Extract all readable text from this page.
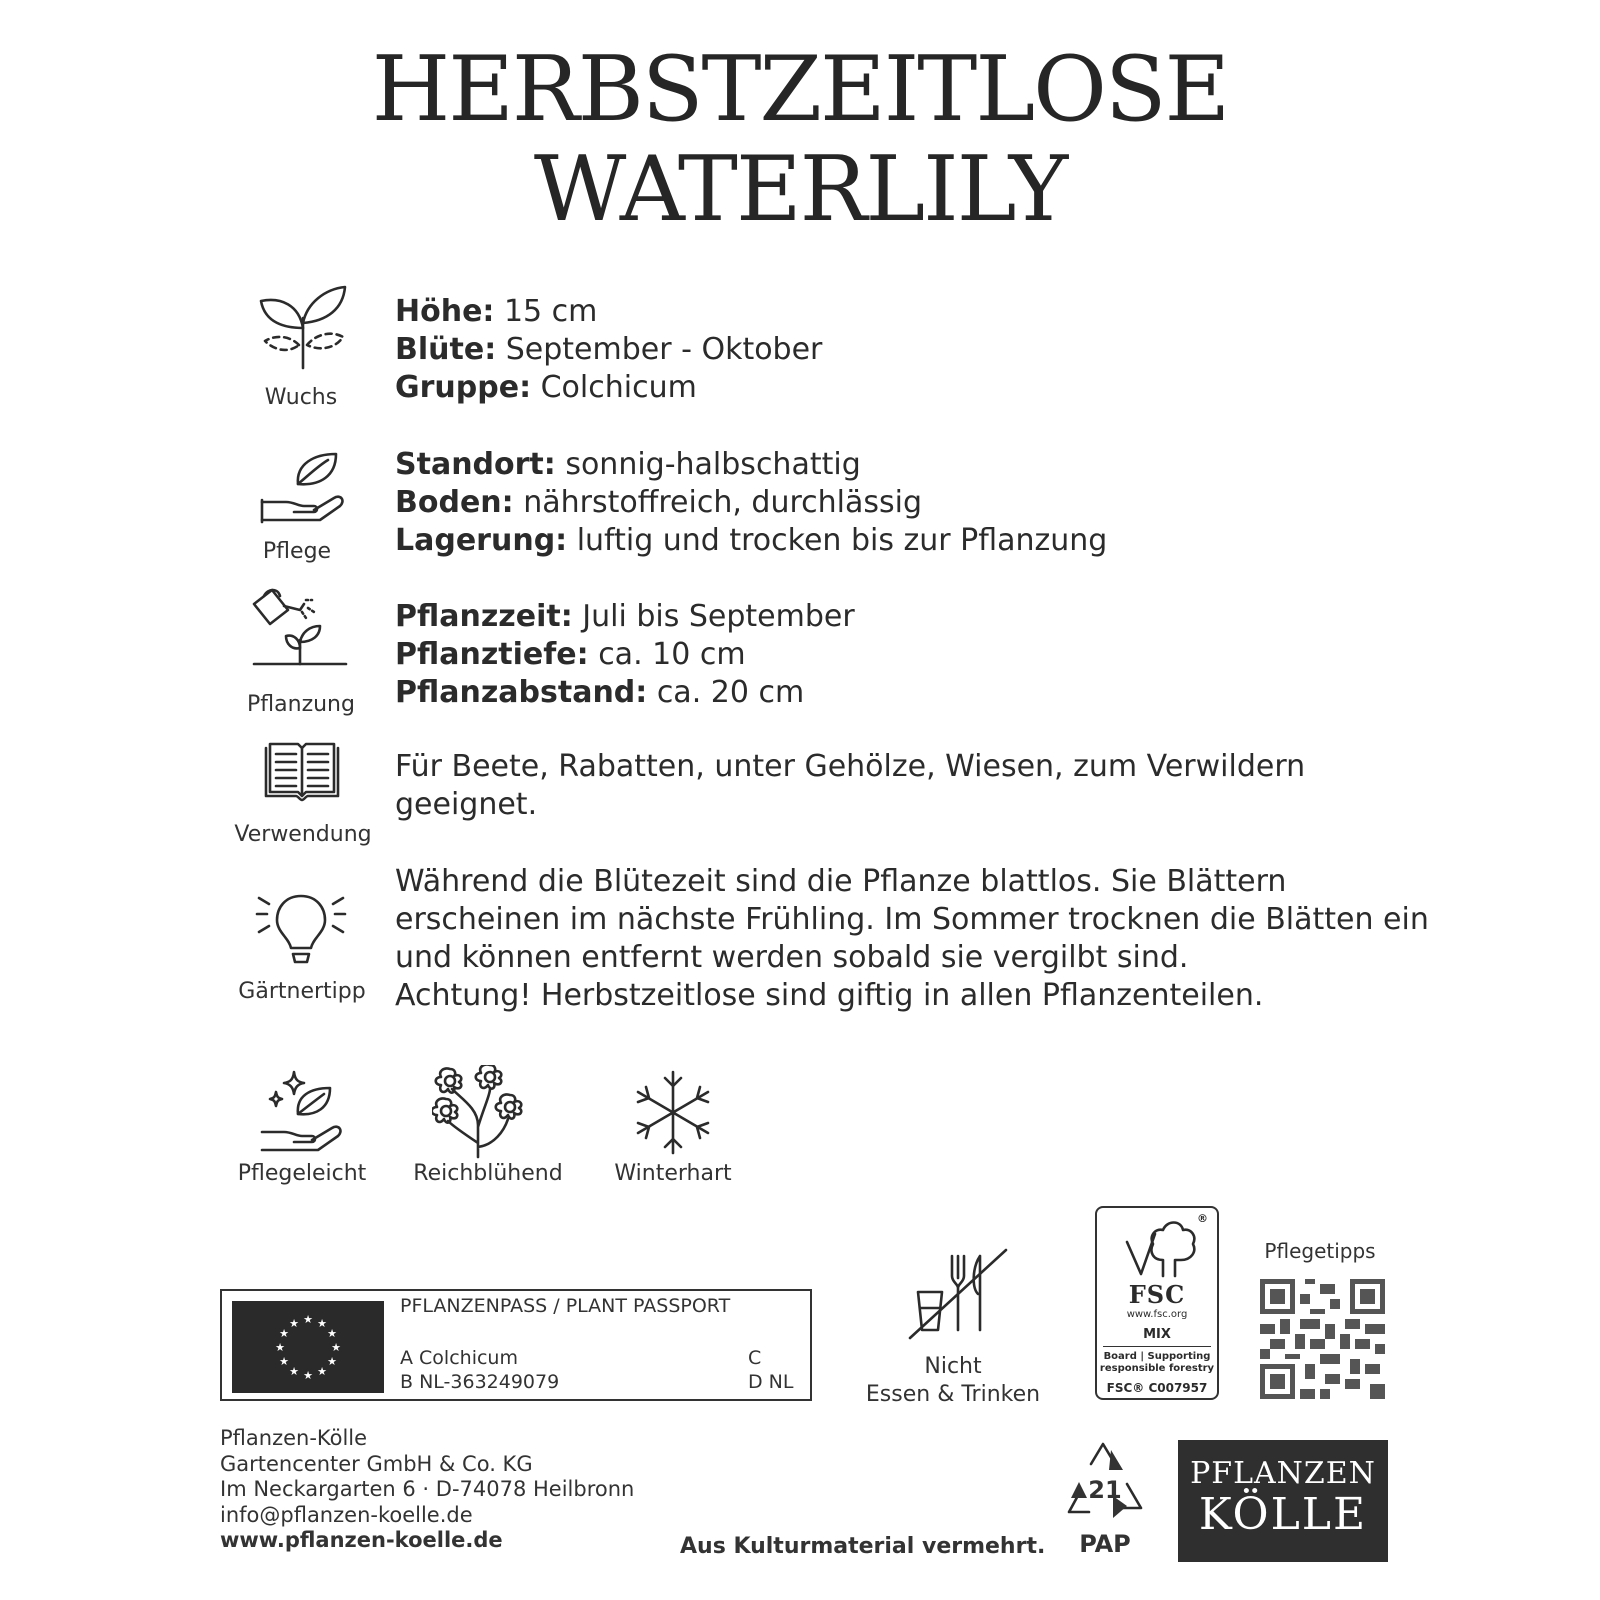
HERBSTZEITLOSE
WATERLILY
Wuchs
Höhe: 15 cm
Blüte: September - Oktober
Gruppe: Colchicum
Pflege
Standort: sonnig-halbschattig
Boden: nährstoffreich, durchlässig
Lagerung: luftig und trocken bis zur Pflanzung
Pflanzung
Pflanzzeit: Juli bis September
Pflanztiefe: ca. 10 cm
Pflanzabstand: ca. 20 cm
Verwendung
Für Beete, Rabatten, unter Gehölze, Wiesen, zum Verwildern
geeignet.
Gärtnertipp
Während die Blütezeit sind die Pflanze blattlos. Sie Blättern
erscheinen im nächste Frühling. Im Sommer trocknen die Blätten ein
und können entfernt werden sobald sie vergilbt sind.
Achtung! Herbstzeitlose sind giftig in allen Pflanzenteilen.
Pflegeleicht	Reichblühend	Winterhart
★ ★
★
★
★
★
★
★
★
★
★
★
PFLANZENPASS / PLANT PASSPORT
A Colchicum
B NL-363249079
C
D NL
Nicht
Essen & Trinken
®
FSC
www.fsc.org
MIX
Board | Supporting
responsible forestry
FSC® C007957
Pflegetipps
Pflanzen-Kölle
Gartencenter GmbH & Co. KG
Im Neckargarten 6 · D-74078 Heilbronn
info@pflanzen-koelle.de
www.pflanzen-koelle.de	Aus Kulturmaterial vermehrt.
21
PAP
PFLANZEN
KÖLLE
